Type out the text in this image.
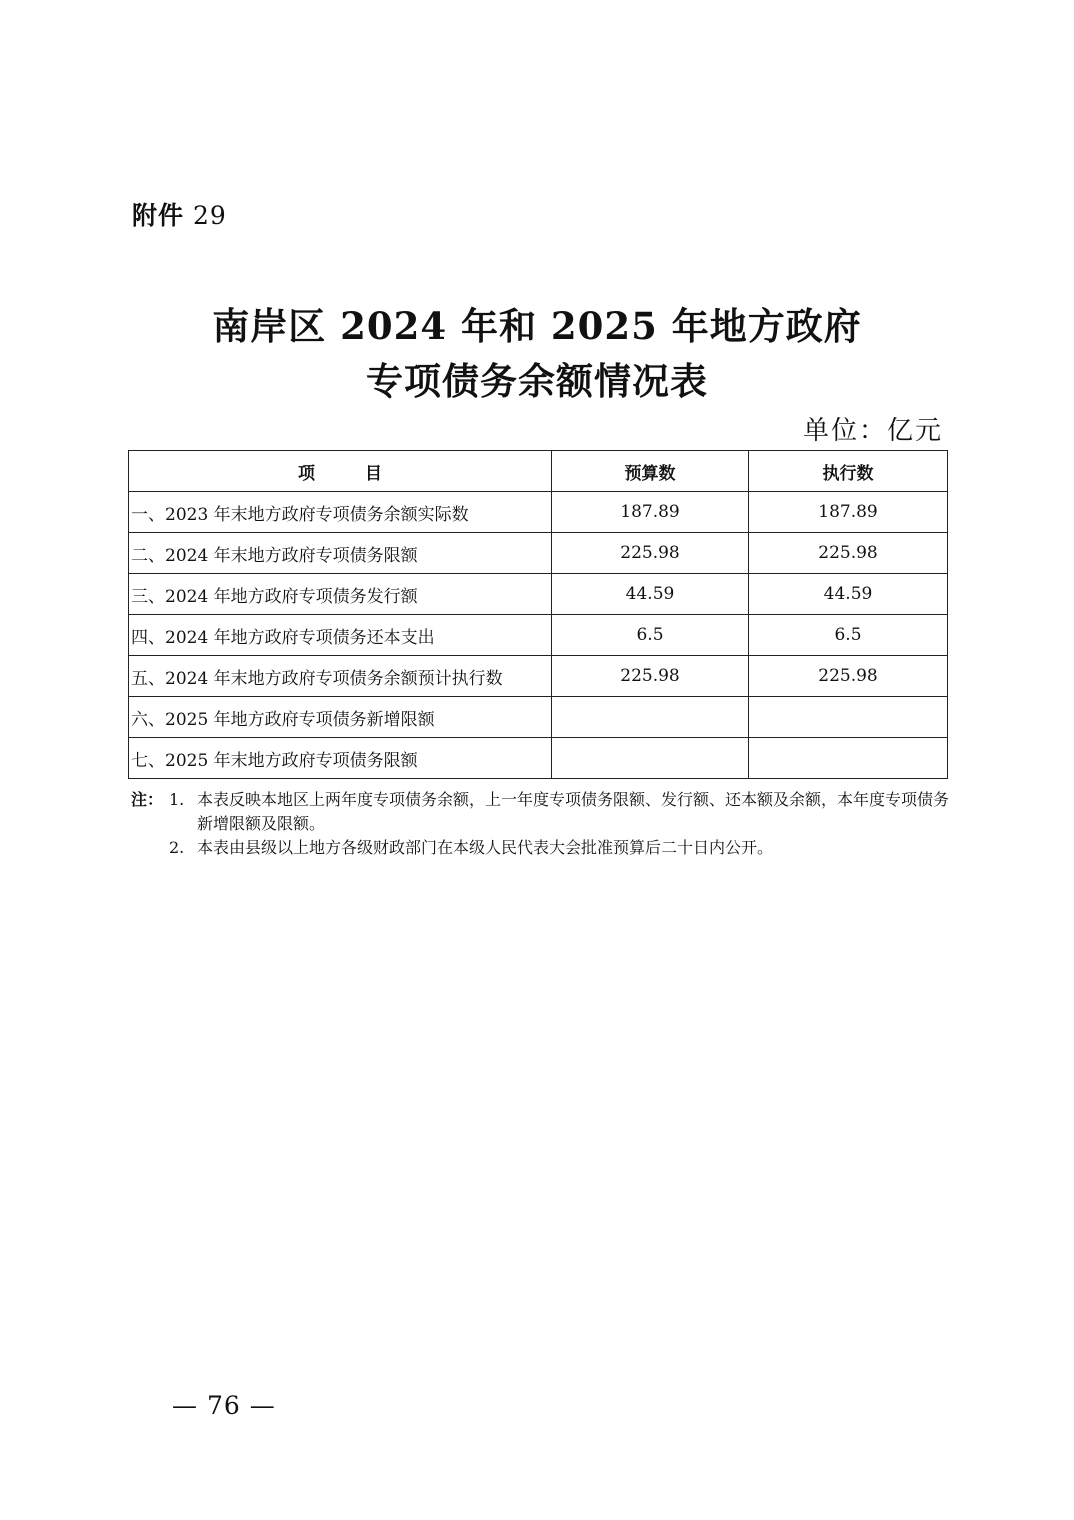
附件 29
南岸区 2024 年和 2025 年地方政府
专项债务余额情况表
单位：亿元
项 目	预算数	执行数
一、2023 年末地方政府专项债务余额实际数	187.89	187.89
二、2024 年末地方政府专项债务限额	225.98	225.98
三、2024 年地方政府专项债务发行额	44.59	44.59
四、2024 年地方政府专项债务还本支出	6.5	6.5
五、2024 年末地方政府专项债务余额预计执行数	225.98	225.98
六、2025 年地方政府专项债务新增限额		
七、2025 年末地方政府专项债务限额		
注： 1. 本表反映本地区上两年度专项债务余额，上一年度专项债务限额、发行额、还本额及余额，本年度专项债务新增限额及限额。
2. 本表由县级以上地方各级财政部门在本级人民代表大会批准预算后二十日内公开。
— 76 —
